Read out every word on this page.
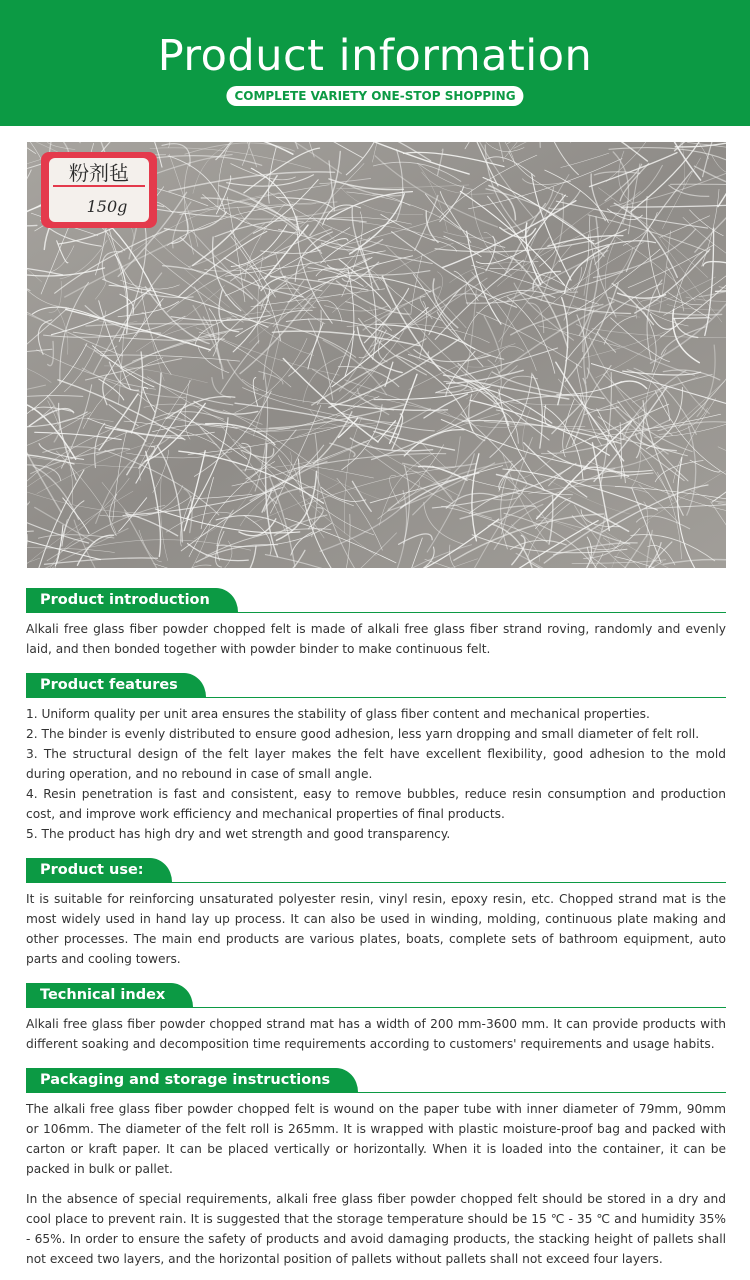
Product information
COMPLETE VARIETY ONE-STOP SHOPPING
粉剂毡
150g
Product introduction

Alkali free glass fiber powder chopped felt is made of alkali free glass fiber strand roving, randomly and evenly laid, and then bonded together with powder binder to make continuous felt.

Product features

1. Uniform quality per unit area ensures the stability of glass fiber content and mechanical properties.

2. The binder is evenly distributed to ensure good adhesion, less yarn dropping and small diameter of felt roll.

3. The structural design of the felt layer makes the felt have excellent flexibility, good adhesion to the mold during operation, and no rebound in case of small angle.

4. Resin penetration is fast and consistent, easy to remove bubbles, reduce resin consumption and production cost, and improve work efficiency and mechanical properties of final products.

5. The product has high dry and wet strength and good transparency.

Product use:

It is suitable for reinforcing unsaturated polyester resin, vinyl resin, epoxy resin, etc. Chopped strand mat is the most widely used in hand lay up process. It can also be used in winding, molding, continuous plate making and other processes. The main end products are various plates, boats, complete sets of bathroom equipment, auto parts and cooling towers.

Technical index

Alkali free glass fiber powder chopped strand mat has a width of 200 mm-3600 mm. It can provide products with different soaking and decomposition time requirements according to customers' requirements and usage habits.

Packaging and storage instructions

The alkali free glass fiber powder chopped felt is wound on the paper tube with inner diameter of 79mm, 90mm or 106mm. The diameter of the felt roll is 265mm. It is wrapped with plastic moisture-proof bag and packed with carton or kraft paper. It can be placed vertically or horizontally. When it is loaded into the container, it can be packed in bulk or pallet.

In the absence of special requirements, alkali free glass fiber powder chopped felt should be stored in a dry and cool place to prevent rain. It is suggested that the storage temperature should be 15 ℃ - 35 ℃ and humidity 35% - 65%. In order to ensure the safety of products and avoid damaging products, the stacking height of pallets shall not exceed two layers, and the horizontal position of pallets without pallets shall not exceed four layers.
